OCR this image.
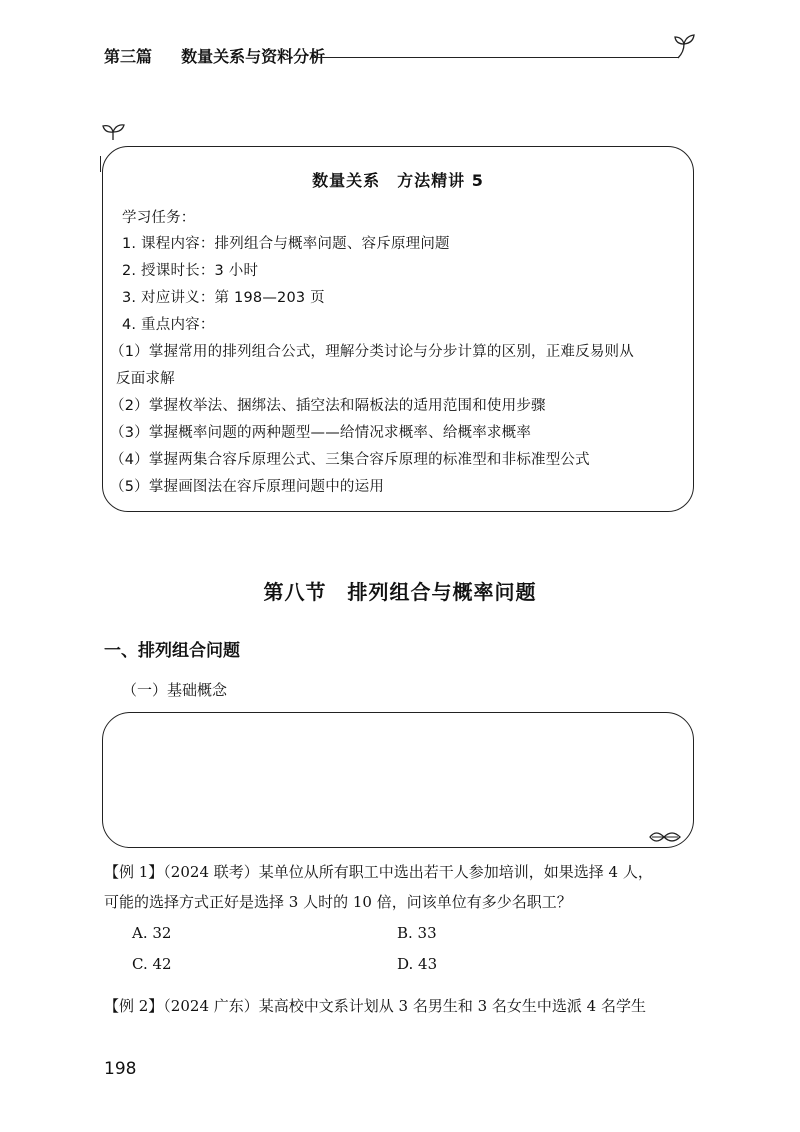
第三篇 数量关系与资料分析
数量关系　方法精讲 5
学习任务：
1. 课程内容：排列组合与概率问题、容斥原理问题
2. 授课时长：3 小时
3. 对应讲义：第 198—203 页
4. 重点内容：
（1）掌握常用的排列组合公式，理解分类讨论与分步计算的区别，正难反易则从
反面求解
（2）掌握枚举法、捆绑法、插空法和隔板法的适用范围和使用步骤
（3）掌握概率问题的两种题型——给情况求概率、给概率求概率
（4）掌握两集合容斥原理公式、三集合容斥原理的标准型和非标准型公式
（5）掌握画图法在容斥原理问题中的运用
第八节　排列组合与概率问题
一、排列组合问题
（一）基础概念
【例 1】（2024 联考）某单位从所有职工中选出若干人参加培训，如果选择 4 人，
可能的选择方式正好是选择 3 人时的 10 倍，问该单位有多少名职工？
A. 32	B. 33
C. 42	D. 43
【例 2】（2024 广东）某高校中文系计划从 3 名男生和 3 名女生中选派 4 名学生
198
